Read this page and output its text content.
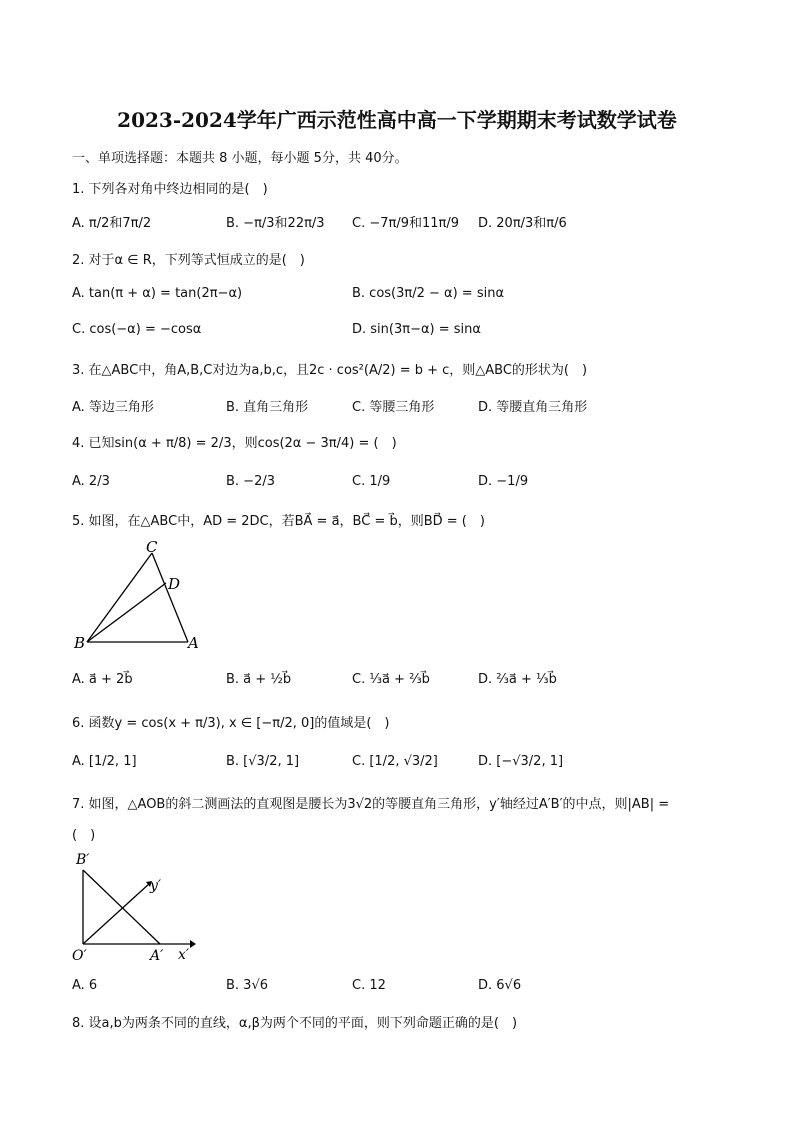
2023-2024学年广西示范性高中高一下学期期末考试数学试卷
一、单项选择题：本题共 8 小题，每小题 5分，共 40分。
1. 下列各对角中终边相同的是(　)
A. π/2和7π/2	B. −π/3和22π/3 C. −7π/9和11π/9 D. 20π/3和π/6
2. 对于α ∈ R，下列等式恒成立的是(　)
A. tan(π + α) = tan(2π−α)	B. cos(3π/2 − α) = sinα
C. cos(−α) = −cosα	D. sin(3π−α) = sinα
3. 在△ABC中，角A,B,C对边为a,b,c，且2c · cos²(A/2) = b + c，则△ABC的形状为(　)
A. 等边三角形	B. 直角三角形	C. 等腰三角形	D. 等腰直角三角形
4. 已知sin(α + π/8) = 2/3，则cos(2α − 3π/4) = (　)
A. 2/3	B. −2/3	C. 1/9	D. −1/9
5. 如图，在△ABC中，AD = 2DC，若BA⃗ = a⃗，BC⃗ = b⃗，则BD⃗ = (　)
C
D
B	A
A. a⃗ + 2b⃗	B. a⃗ + ½b⃗	C. ⅓a⃗ + ⅔b⃗	D. ⅔a⃗ + ⅓b⃗
6. 函数y = cos(x + π/3), x ∈ [−π/2, 0]的值域是(　)
A. [1/2, 1]	B. [√3/2, 1]	C. [1/2, √3/2]	D. [−√3/2, 1]
7. 如图，△AOB的斜二测画法的直观图是腰长为3√2的等腰直角三角形，y′轴经过A′B′的中点，则|AB| =
(　)
B′
y′
O′	A′ x′
A. 6	B. 3√6	C. 12	D. 6√6
8. 设a,b为两条不同的直线，α,β为两个不同的平面，则下列命题正确的是(　)
